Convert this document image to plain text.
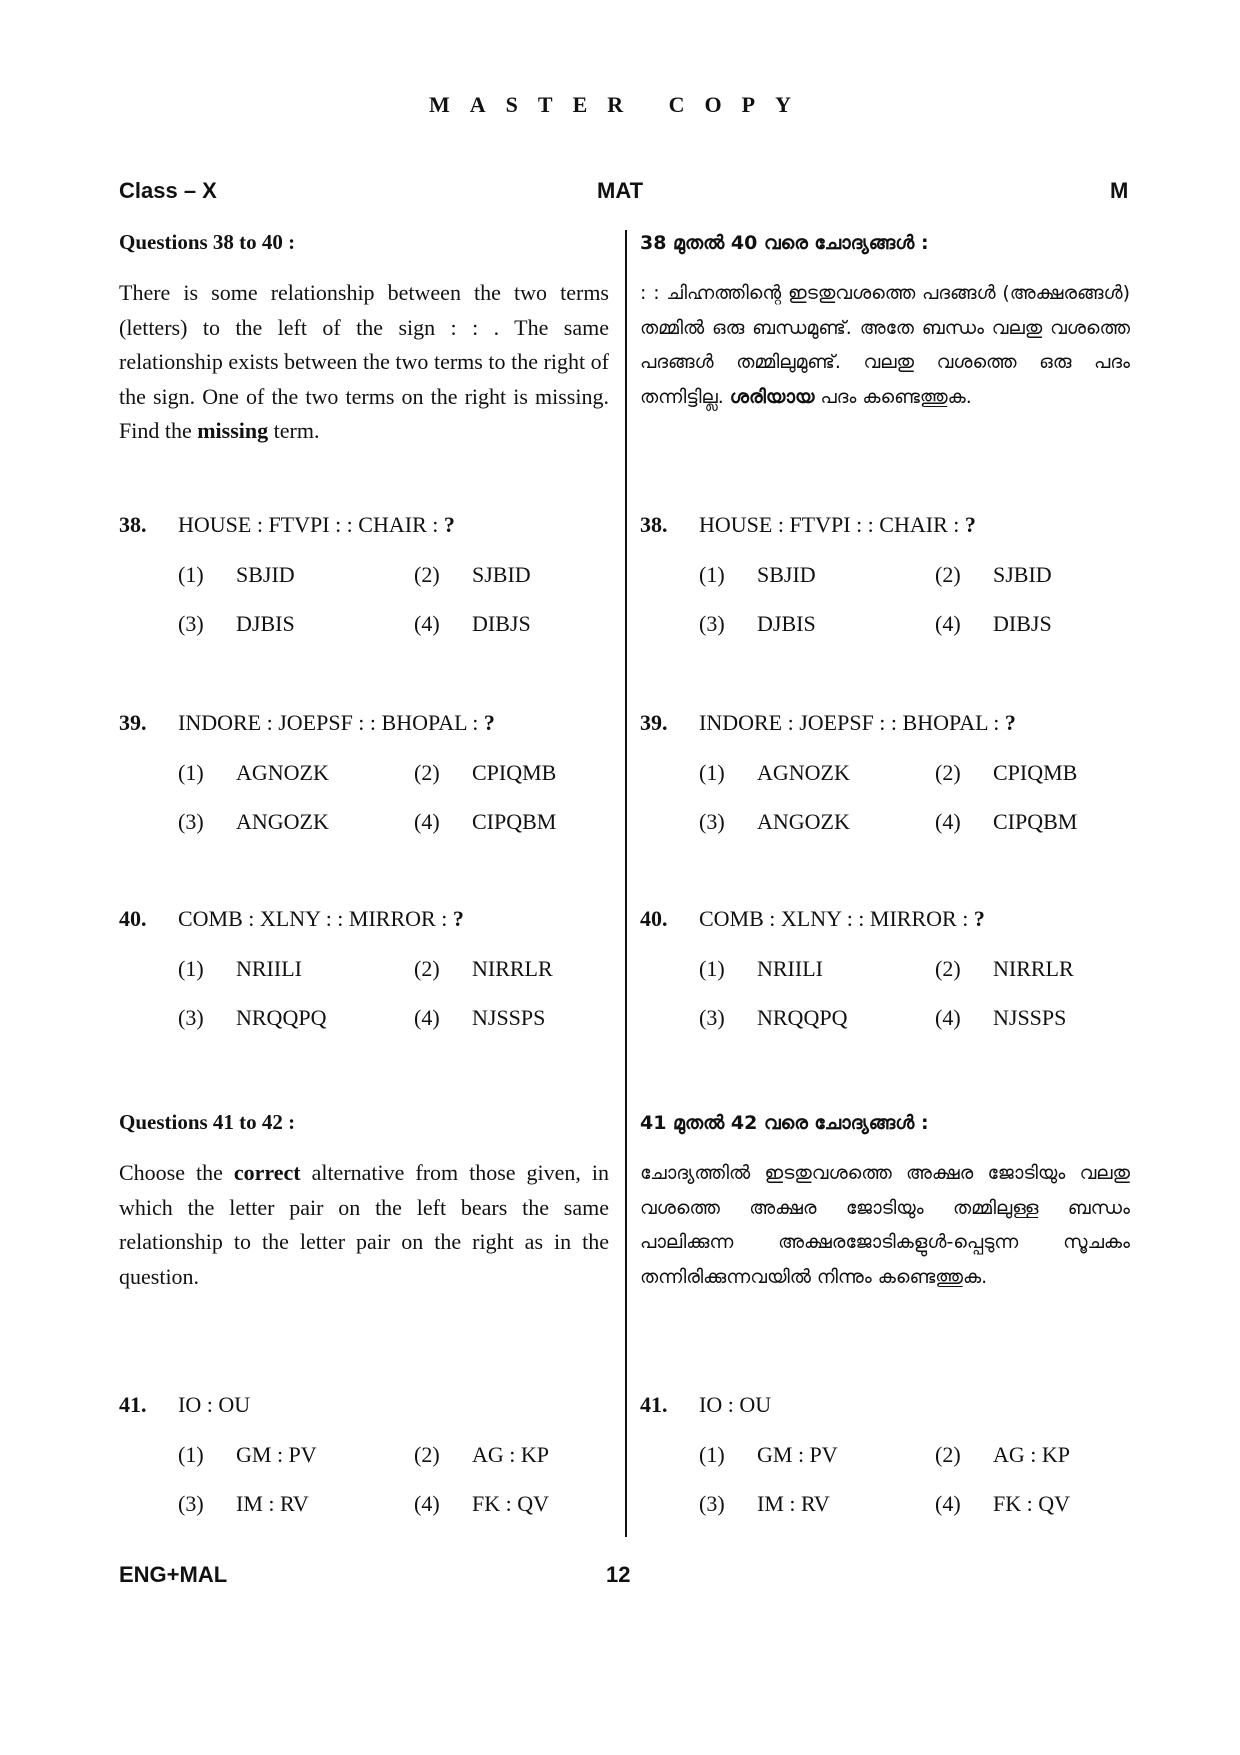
MASTER COPY
Class – X	MAT	M
Questions 38 to 40 :
There is some relationship between the two terms (letters) to the left of the sign : : . The same relationship exists between the two terms to the right of the sign. One of the two terms on the right is missing. Find the missing term.
Questions 41 to 42 :
Choose the correct alternative from those given, in which the letter pair on the left bears the same relationship to the letter pair on the right as in the question.
38 മുതൽ 40 വരെ ചോദ്യങ്ങൾ :
: : ചിഹ്നത്തിന്റെ ഇടതുവശത്തെ പദങ്ങൾ (അക്ഷരങ്ങൾ) തമ്മിൽ ഒരു ബന്ധമുണ്ട്. അതേ ബന്ധം വലതു വശത്തെ പദങ്ങൾ തമ്മിലുമുണ്ട്. വലതു വശത്തെ ഒരു പദം തന്നിട്ടില്ല. ശരിയായ പദം കണ്ടെത്തുക.
41 മുതൽ 42 വരെ ചോദ്യങ്ങൾ :
ചോദ്യത്തിൽ ഇടതുവശത്തെ അക്ഷര ജോടിയും വലതു വശത്തെ അക്ഷര ജോടിയും തമ്മിലുള്ള ബന്ധം പാലിക്കുന്ന അക്ഷരജോടികളുൾ-പ്പെടുന്ന സൂചകം തന്നിരിക്കുന്നവയിൽ നിന്നും കണ്ടെത്തുക.
38. HOUSE : FTVPI : : CHAIR : ?
(1) SBJID	(2) SJBID
(3) DJBIS	(4) DIBJS
38. HOUSE : FTVPI : : CHAIR : ?
(1) SBJID	(2) SJBID
(3) DJBIS	(4) DIBJS
39. INDORE : JOEPSF : : BHOPAL : ?
(1) AGNOZK	(2) CPIQMB
(3) ANGOZK	(4) CIPQBM
39. INDORE : JOEPSF : : BHOPAL : ?
(1) AGNOZK	(2) CPIQMB
(3) ANGOZK	(4) CIPQBM
40. COMB : XLNY : : MIRROR : ?
(1) NRIILI	(2) NIRRLR
(3) NRQQPQ	(4) NJSSPS
40. COMB : XLNY : : MIRROR : ?
(1) NRIILI	(2) NIRRLR
(3) NRQQPQ	(4) NJSSPS
41. IO : OU
(1) GM : PV	(2) AG : KP
(3) IM : RV	(4) FK : QV
41. IO : OU
(1) GM : PV	(2) AG : KP
(3) IM : RV	(4) FK : QV
ENG+MAL	12
